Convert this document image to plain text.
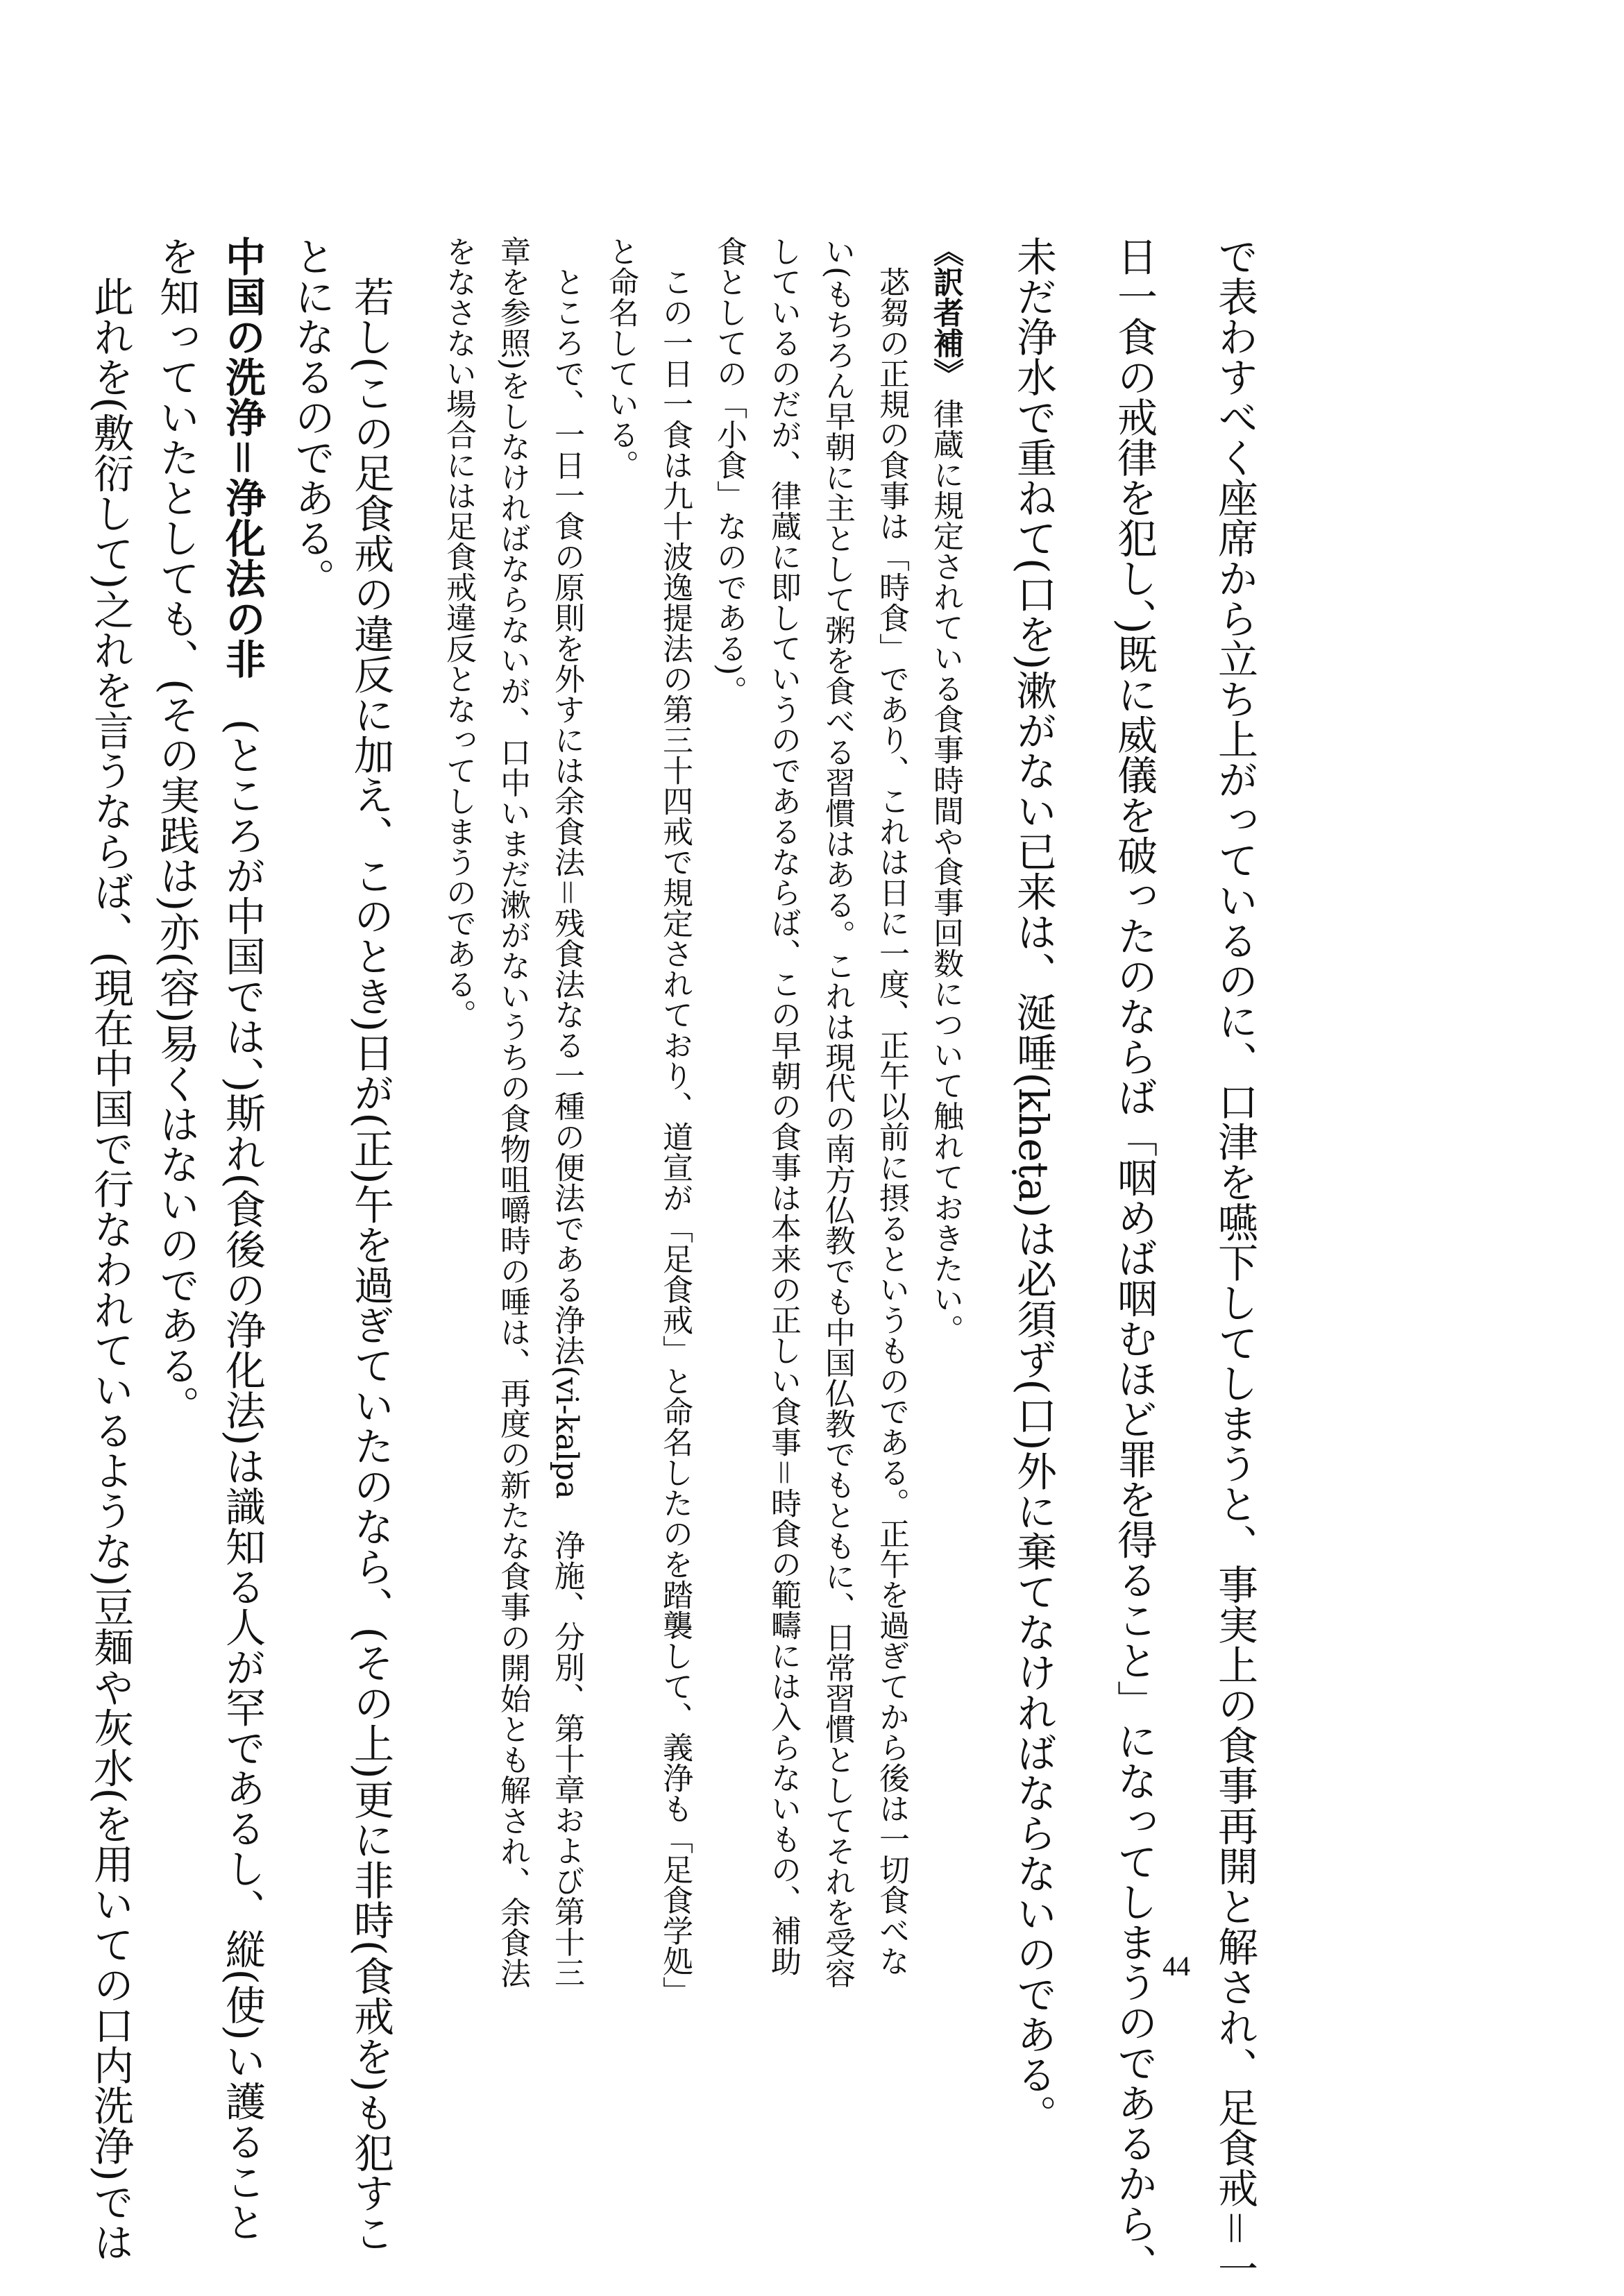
で表わすべく座席から立ち上がっているのに、口津を嚥下してしまうと、事実上の食事再開と解され、足食戒＝一
日一食の戒律を犯し、)既に威儀を破ったのならば「咽めば咽むほど罪を得ること」になってしまうのであるから、
未だ浄水で重ねて(口を)漱がない已来は、涎唾(kheṭa)は必須ず(口)外に棄てなければならないのである。
《訳者補》 律蔵に規定されている食事時間や食事回数について触れておきたい。
苾芻の正規の食事は「時食」であり、これは日に一度、正午以前に摂るというものである。正午を過ぎてから後は一切食べな
い(もちろん早朝に主として粥を食べる習慣はある。これは現代の南方仏教でも中国仏教でもともに、日常習慣としてそれを受容
しているのだが、律蔵に即していうのであるならば、この早朝の食事は本来の正しい食事＝時食の範疇には入らないもの、補助
食としての「小食」なのである)。
この一日一食は九十波逸提法の第三十四戒で規定されており、道宣が「足食戒」と命名したのを踏襲して、義浄も「足食学処」
と命名している。
ところで、一日一食の原則を外すには余食法＝残食法なる一種の便法である浄法(vi-kalpa　浄施、分別、第十章および第十三
章を参照)をしなければならないが、口中いまだ漱がないうちの食物咀嚼時の唾は、再度の新たな食事の開始とも解され、余食法
をなさない場合には足食戒違反となってしまうのである。
若し(この足食戒の違反に加え、このとき)日が(正)午を過ぎていたのなら、(その上)更に非時(食戒を)も犯すこ
とになるのである。
中国の洗浄＝浄化法の非(ところが中国では、)斯れ(食後の浄化法)は識知る人が罕であるし、縦(使)い護ること
を知っていたとしても、(その実践は)亦(容)易くはないのである。
此れを(敷衍して)之れを言うならば、(現在中国で行なわれているような)豆麺や灰水(を用いての口内洗浄)では	44
